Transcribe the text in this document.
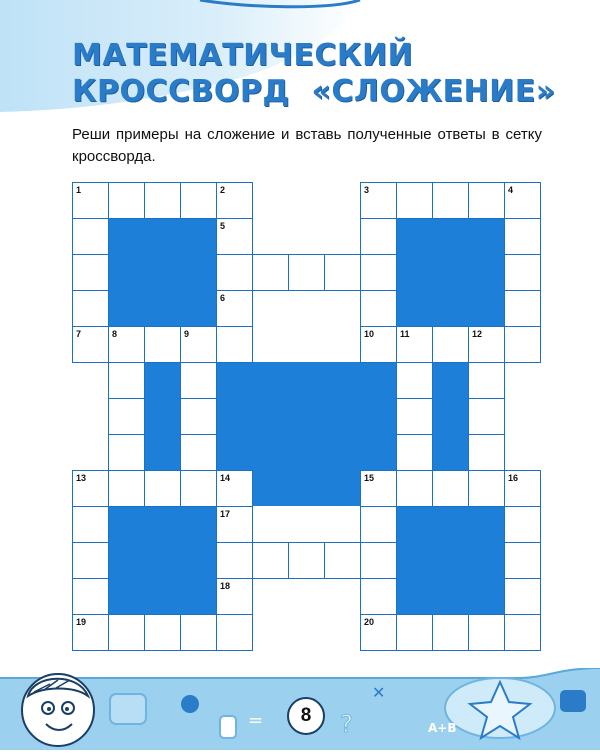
МАТЕМАТИЧЕСКИЙ
КРОССВОРД  «СЛОЖЕНИЕ»

Реши примеры на сложение и вставь полученные ответы в сетку кроссворда.

1	2	3	4
5
6
7	8	9	10	11	12
13	14	15	16
17
18
19	20
=	?
✕
A+B
8
